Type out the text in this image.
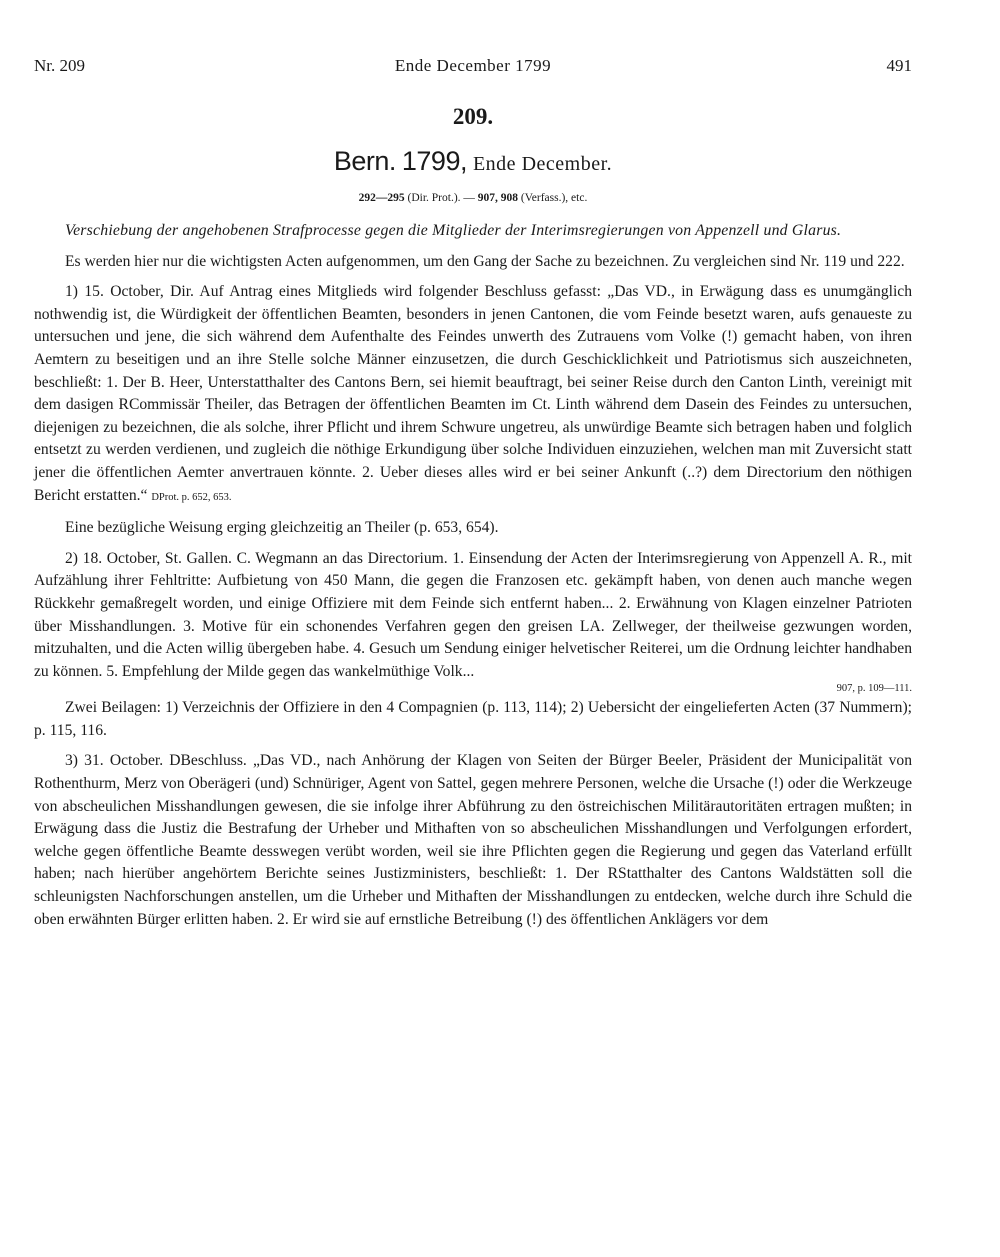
Nr. 209	Ende December 1799	491
209.
Bern. 1799, Ende December.
292—295 (Dir. Prot.). — 907, 908 (Verfass.), etc.

Verschiebung der angehobenen Strafprocesse gegen die Mitglieder der Interimsregierungen von Appenzell und Glarus.

Es werden hier nur die wichtigsten Acten aufgenommen, um den Gang der Sache zu bezeichnen. Zu vergleichen sind Nr. 119 und 222.

1) 15. October, Dir. Auf Antrag eines Mitglieds wird folgender Beschluss gefasst: „Das VD., in Erwägung dass es unumgänglich nothwendig ist, die Würdigkeit der öffentlichen Beamten, besonders in jenen Cantonen, die vom Feinde besetzt waren, aufs genaueste zu untersuchen und jene, die sich während dem Aufenthalte des Feindes unwerth des Zutrauens vom Volke (!) gemacht haben, von ihren Aemtern zu beseitigen und an ihre Stelle solche Männer einzusetzen, die durch Geschicklichkeit und Patriotismus sich auszeichneten, beschließt: 1. Der B. Heer, Unterstatthalter des Cantons Bern, sei hiemit beauftragt, bei seiner Reise durch den Canton Linth, vereinigt mit dem dasigen RCommissär Theiler, das Betragen der öffentlichen Beamten im Ct. Linth während dem Dasein des Feindes zu untersuchen, diejenigen zu bezeichnen, die als solche, ihrer Pflicht und ihrem Schwure ungetreu, als unwürdige Beamte sich betragen haben und folglich entsetzt zu werden verdienen, und zugleich die nöthige Erkundigung über solche Individuen einzuziehen, welchen man mit Zuversicht statt jener die öffentlichen Aemter anvertrauen könnte. 2. Ueber dieses alles wird er bei seiner Ankunft (..?) dem Directorium den nöthigen Bericht erstatten.“ DProt. p. 652, 653.

Eine bezügliche Weisung erging gleichzeitig an Theiler (p. 653, 654).

2) 18. October, St. Gallen. C. Wegmann an das Directorium. 1. Einsendung der Acten der Interimsregierung von Appenzell A. R., mit Aufzählung ihrer Fehltritte: Aufbietung von 450 Mann, die gegen die Franzosen etc. gekämpft haben, von denen auch manche wegen Rückkehr gemaßregelt worden, und einige Offiziere mit dem Feinde sich entfernt haben... 2. Erwähnung von Klagen einzelner Patrioten über Misshandlungen. 3. Motive für ein schonendes Verfahren gegen den greisen LA. Zellweger, der theilweise gezwungen worden, mitzuhalten, und die Acten willig übergeben habe. 4. Gesuch um Sendung einiger helvetischer Reiterei, um die Ordnung leichter handhaben zu können. 5. Empfehlung der Milde gegen das wankelmüthige Volk...

907, p. 109—111.

Zwei Beilagen: 1) Verzeichnis der Offiziere in den 4 Compagnien (p. 113, 114); 2) Uebersicht der eingelieferten Acten (37 Nummern); p. 115, 116.

3) 31. October. DBeschluss. „Das VD., nach Anhörung der Klagen von Seiten der Bürger Beeler, Präsident der Municipalität von Rothenthurm, Merz von Oberägeri (und) Schnüriger, Agent von Sattel, gegen mehrere Personen, welche die Ursache (!) oder die Werkzeuge von abscheulichen Misshandlungen gewesen, die sie infolge ihrer Abführung zu den östreichischen Militärautoritäten ertragen mußten; in Erwägung dass die Justiz die Bestrafung der Urheber und Mithaften von so abscheulichen Misshandlungen und Verfolgungen erfordert, welche gegen öffentliche Beamte desswegen verübt worden, weil sie ihre Pflichten gegen die Regierung und gegen das Vaterland erfüllt haben; nach hierüber angehörtem Berichte seines Justizministers, beschließt: 1. Der RStatthalter des Cantons Waldstätten soll die schleunigsten Nachforschungen anstellen, um die Urheber und Mithaften der Misshandlungen zu entdecken, welche durch ihre Schuld die oben erwähnten Bürger erlitten haben. 2. Er wird sie auf ernstliche Betreibung (!) des öffentlichen Anklägers vor dem
